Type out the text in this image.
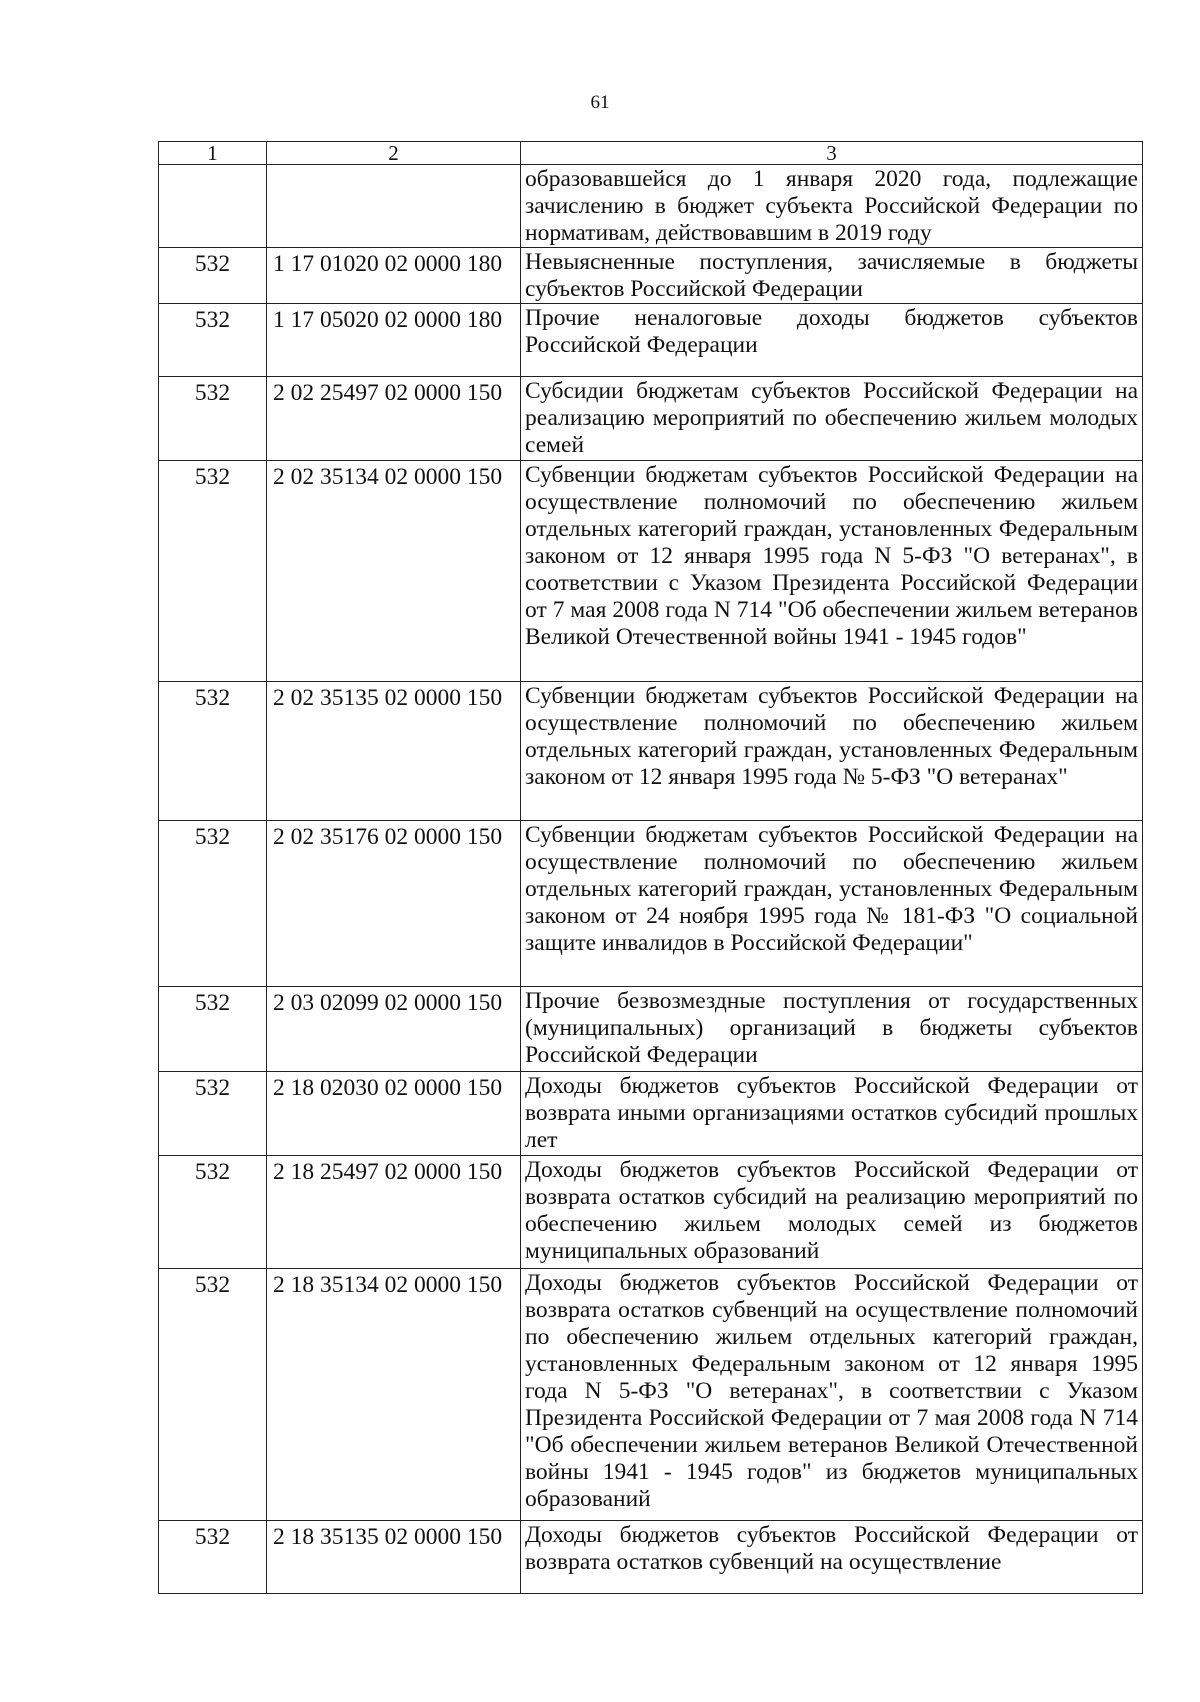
61
1	2	3
		образовавшейся до 1 января 2020 года, подлежащие зачислению в бюджет субъекта Российской Федерации по нормативам, действовавшим в 2019 году
532	1 17 01020 02 0000 180	Невыясненные поступления, зачисляемые в бюджеты субъектов Российской Федерации
532	1 17 05020 02 0000 180	Прочие неналоговые доходы бюджетов субъектов Российской Федерации
532	2 02 25497 02 0000 150	Субсидии бюджетам субъектов Российской Федерации на реализацию мероприятий по обеспечению жильем молодых семей
532	2 02 35134 02 0000 150	Субвенции бюджетам субъектов Российской Федерации на осуществление полномочий по обеспечению жильем отдельных категорий граждан, установленных Федеральным законом от 12 января 1995 года N 5-ФЗ "О ветеранах", в соответствии с Указом Президента Российской Федерации от 7 мая 2008 года N 714 "Об обеспечении жильем ветеранов Великой Отечественной войны 1941 - 1945 годов"
532	2 02 35135 02 0000 150	Субвенции бюджетам субъектов Российской Федерации на осуществление полномочий по обеспечению жильем отдельных категорий граждан, установленных Федеральным законом от 12 января 1995 года № 5-ФЗ "О ветеранах"
532	2 02 35176 02 0000 150	Субвенции бюджетам субъектов Российской Федерации на осуществление полномочий по обеспечению жильем отдельных категорий граждан, установленных Федеральным законом от 24 ноября 1995 года № 181-ФЗ "О социальной защите инвалидов в Российской Федерации"
532	2 03 02099 02 0000 150	Прочие безвозмездные поступления от государственных (муниципальных) организаций в бюджеты субъектов Российской Федерации
532	2 18 02030 02 0000 150	Доходы бюджетов субъектов Российской Федерации от возврата иными организациями остатков субсидий прошлых лет
532	2 18 25497 02 0000 150	Доходы бюджетов субъектов Российской Федерации от возврата остатков субсидий на реализацию мероприятий по обеспечению жильем молодых семей из бюджетов муниципальных образований
532	2 18 35134 02 0000 150	Доходы бюджетов субъектов Российской Федерации от возврата остатков субвенций на осуществление полномочий по обеспечению жильем отдельных категорий граждан, установленных Федеральным законом от 12 января 1995 года N 5-ФЗ "О ветеранах", в соответствии с Указом Президента Российской Федерации от 7 мая 2008 года N 714 "Об обеспечении жильем ветеранов Великой Отечественной войны 1941 - 1945 годов" из бюджетов муниципальных образований
532	2 18 35135 02 0000 150	Доходы бюджетов субъектов Российской Федерации от возврата остатков субвенций на осуществление
